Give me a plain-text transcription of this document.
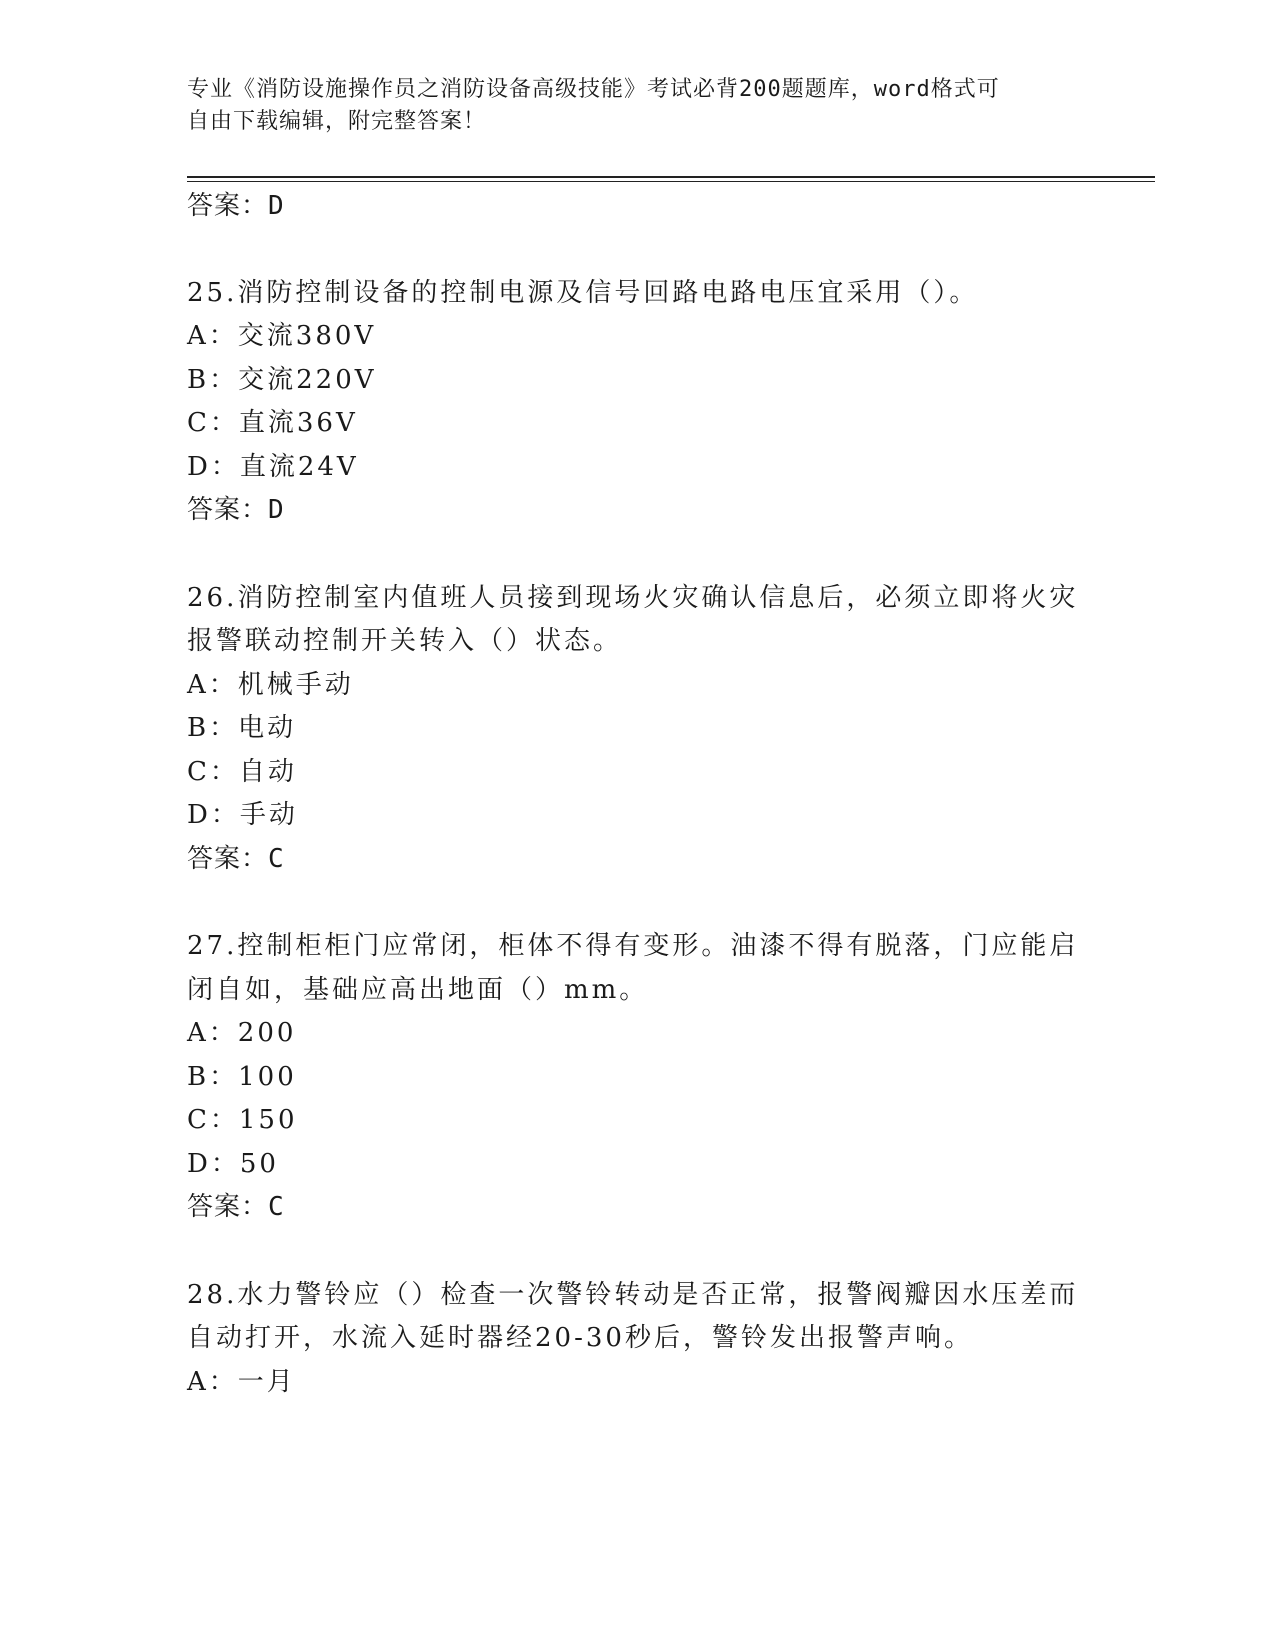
专业《消防设施操作员之消防设备高级技能》考试必背200题题库，word格式可
自由下载编辑，附完整答案！
答案：D
25.消防控制设备的控制电源及信号回路电路电压宜采用（）。
A：交流380V
B：交流220V
C：直流36V
D：直流24V
答案：D
26.消防控制室内值班人员接到现场火灾确认信息后，必须立即将火灾
报警联动控制开关转入（）状态。
A：机械手动
B：电动
C：自动
D：手动
答案：C
27.控制柜柜门应常闭，柜体不得有变形。油漆不得有脱落，门应能启
闭自如，基础应高出地面（）mm。
A：200
B：100
C：150
D：50
答案：C
28.水力警铃应（）检查一次警铃转动是否正常，报警阀瓣因水压差而
自动打开，水流入延时器经20-30秒后，警铃发出报警声响。
A：一月
